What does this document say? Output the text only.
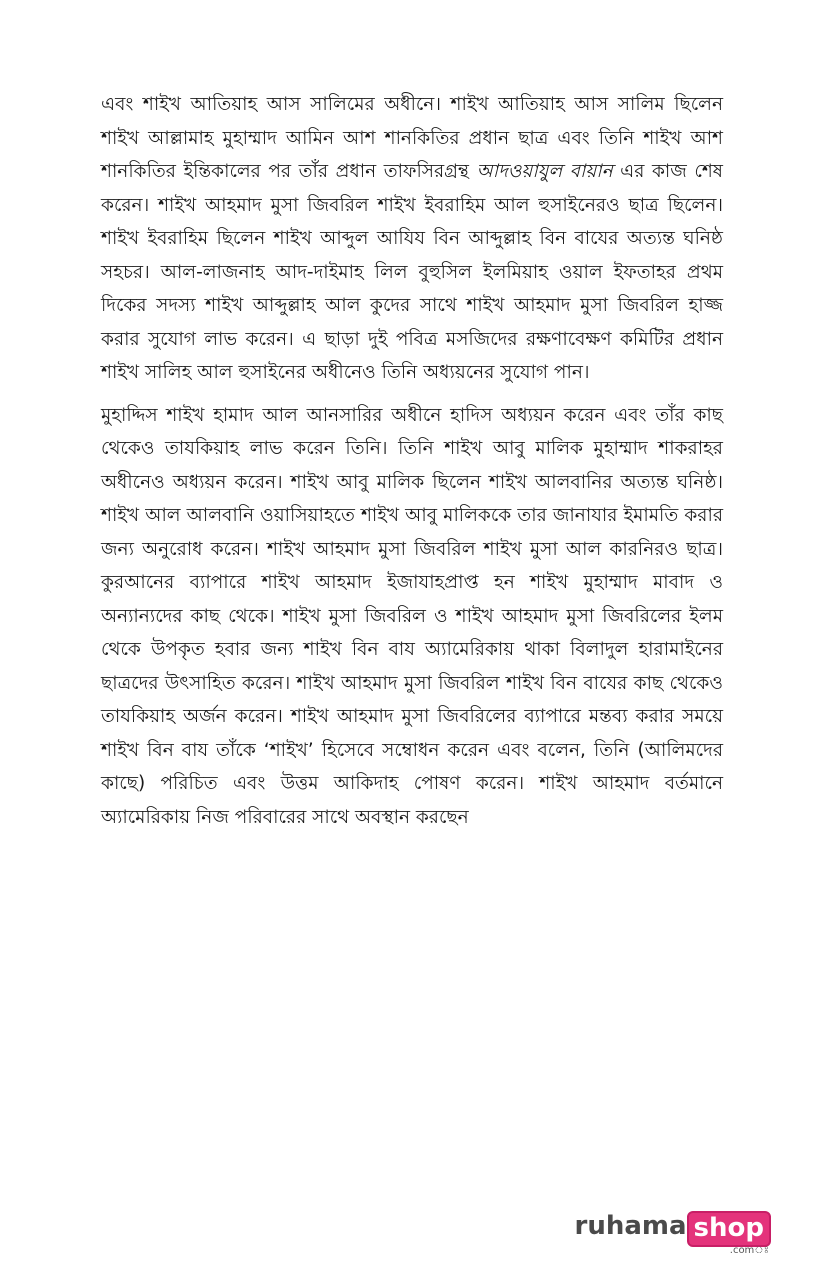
এবং শাইখ আতিয়াহ আস সালিমের অধীনে। শাইখ আতিয়াহ আস সালিম ছিলেন শাইখ আল্লামাহ মুহাম্মাদ আমিন আশ শানকিতির প্রধান ছাত্র এবং তিনি শাইখ আশ শানকিতির ইন্তিকালের পর তাঁর প্রধান তাফসিরগ্রন্থ আদওয়াযুল বায়ান এর কাজ শেষ করেন। শাইখ আহমাদ মুসা জিবরিল শাইখ ইবরাহিম আল হুসাইনেরও ছাত্র ছিলেন। শাইখ ইবরাহিম ছিলেন শাইখ আব্দুল আযিয বিন আব্দুল্লাহ বিন বাযের অত্যন্ত ঘনিষ্ঠ সহচর। আল-লাজনাহ আদ-দাইমাহ লিল বুহুসিল ইলমিয়াহ ওয়াল ইফতাহর প্রথম দিকের সদস্য শাইখ আব্দুল্লাহ আল কুদের সাথে শাইখ আহমাদ মুসা জিবরিল হাজ্জ করার সুযোগ লাভ করেন। এ ছাড়া দুই পবিত্র মসজিদের রক্ষণাবেক্ষণ কমিটির প্রধান শাইখ সালিহ আল হুসাইনের অধীনেও তিনি অধ্যয়নের সুযোগ পান।

মুহাদ্দিস শাইখ হামাদ আল আনসারির অধীনে হাদিস অধ্যয়ন করেন এবং তাঁর কাছ থেকেও তাযকিয়াহ লাভ করেন তিনি। তিনি শাইখ আবু মালিক মুহাম্মাদ শাকরাহর অধীনেও অধ্যয়ন করেন। শাইখ আবু মালিক ছিলেন শাইখ আলবানির অত্যন্ত ঘনিষ্ঠ। শাইখ আল আলবানি ওয়াসিয়াহতে শাইখ আবু মালিককে তার জানাযার ইমামতি করার জন্য অনুরোধ করেন। শাইখ আহমাদ মুসা জিবরিল শাইখ মুসা আল কারনিরও ছাত্র। কুরআনের ব্যাপারে শাইখ আহমাদ ইজাযাহপ্রাপ্ত হন শাইখ মুহাম্মাদ মাবাদ ও অন্যান্যদের কাছ থেকে। শাইখ মুসা জিবরিল ও শাইখ আহমাদ মুসা জিবরিলের ইলম থেকে উপকৃত হবার জন্য শাইখ বিন বায অ্যামেরিকায় থাকা বিলাদুল হারামাইনের ছাত্রদের উৎসাহিত করেন। শাইখ আহমাদ মুসা জিবরিল শাইখ বিন বাযের কাছ থেকেও তাযকিয়াহ অর্জন করেন। শাইখ আহমাদ মুসা জিবরিলের ব্যাপারে মন্তব্য করার সময়ে শাইখ বিন বায তাঁকে ‘শাইখ’ হিসেবে সম্বোধন করেন এবং বলেন, তিনি (আলিমদের কাছে) পরিচিত এবং উত্তম আকিদাহ পোষণ করেন। শাইখ আহমাদ বর্তমানে অ্যামেরিকায় নিজ পরিবারের সাথে অবস্থান করছেন

ruhama shop
.comঃ
